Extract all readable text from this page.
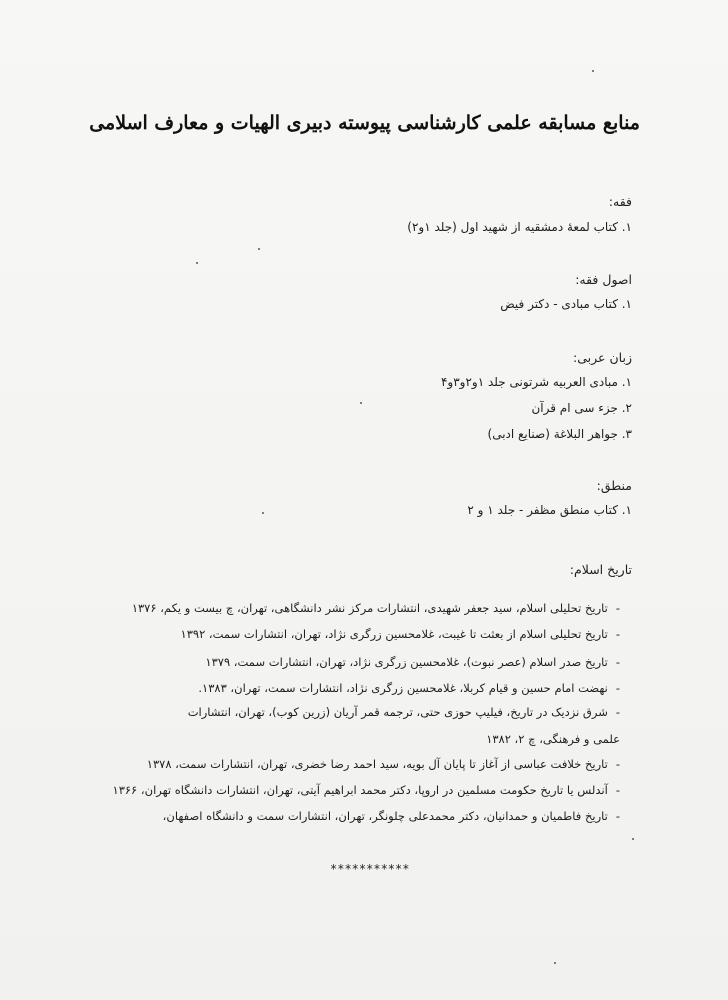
منابع مسابقه علمی کارشناسی پیوسته دبیری الهیات و معارف اسلامی
فقه:
۱. کتاب لمعهٔ دمشقیه از شهید اول (جلد ۱و۲)
اصول فقه:
۱. کتاب مبادی - دکتر فیض
زبان عربی:
۱. مبادی العربیه شرتونی جلد ۱و۲و۳و۴
۲. جزء سی ام قرآن
۳. جواهر البلاغة (صنایع ادبی)
منطق:
۱. کتاب منطق مظفر - جلد ۱ و ۲
تاریخ اسلام:
-تاریخ تحلیلی اسلام، سید جعفر شهیدی، انتشارات مرکز نشر دانشگاهی، تهران، چ بیست و یکم، ۱۳۷۶
-تاریخ تحلیلی اسلام از بعثت تا غیبت، غلامحسین زرگری نژاد، تهران، انتشارات سمت، ۱۳۹۲
-تاریخ صدر اسلام (عصر نبوت)، غلامحسین زرگری نژاد، تهران، انتشارات سمت، ۱۳۷۹
-نهضت امام حسین و قیام کربلا، غلامحسین زرگری نژاد، انتشارات سمت، تهران، ۱۳۸۳.
-شرق نزدیک در تاریخ، فیلیپ حوزی حتی، ترجمه قمر آریان (زرین کوب)، تهران، انتشارات
علمی و فرهنگی، چ ۲، ۱۳۸۲
-تاریخ خلافت عباسی از آغاز تا پایان آل بویه، سید احمد رضا خضری، تهران، انتشارات سمت، ۱۳۷۸
-آندلس یا تاریخ حکومت مسلمین در اروپا، دکتر محمد ابراهیم آیتی، تهران، انتشارات دانشگاه تهران، ۱۳۶۶
-تاریخ فاطمیان و حمدانیان، دکتر محمدعلی چلونگر، تهران، انتشارات سمت و دانشگاه اصفهان،
***********
